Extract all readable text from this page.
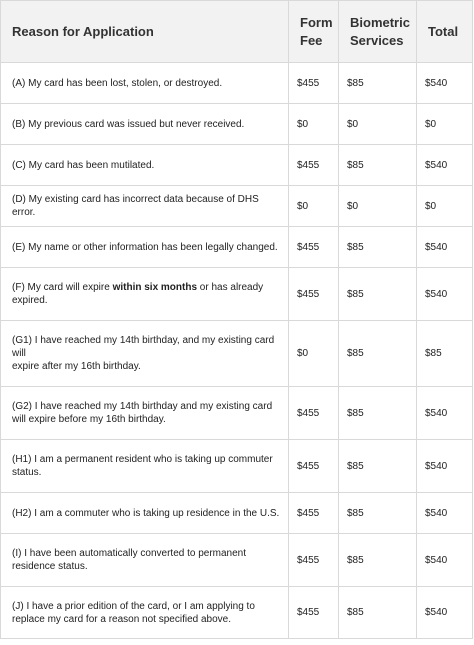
Reason for Application	Form Fee	Biometric Services	Total
(A) My card has been lost, stolen, or destroyed.	$455	$85	$540
(B) My previous card was issued but never received.	$0	$0	$0
(C) My card has been mutilated.	$455	$85	$540
(D) My existing card has incorrect data because of DHS error.	$0	$0	$0
(E) My name or other information has been legally changed.	$455	$85	$540
(F) My card will expire within six months or has already expired.	$455	$85	$540
(G1) I have reached my 14th birthday, and my existing card will
expire after my 16th birthday.	$0	$85	$85
(G2) I have reached my 14th birthday and my existing card will expire before my 16th birthday.	$455	$85	$540
(H1) I am a permanent resident who is taking up commuter status.	$455	$85	$540
(H2) I am a commuter who is taking up residence in the U.S.	$455	$85	$540
(I) I have been automatically converted to permanent residence status.	$455	$85	$540
(J) I have a prior edition of the card, or I am applying to replace my card for a reason not specified above.	$455	$85	$540
